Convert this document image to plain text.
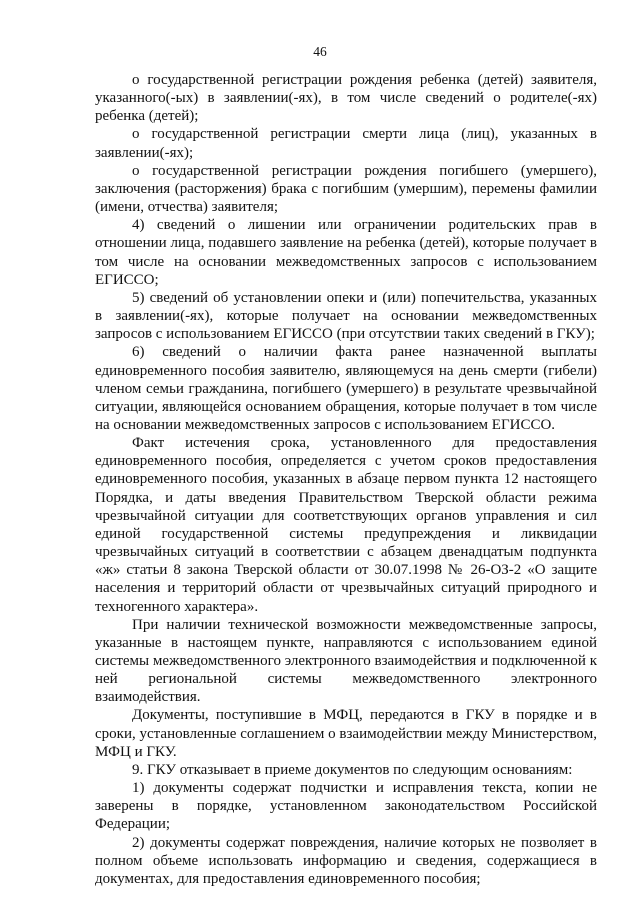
46

о государственной регистрации рождения ребенка (детей) заявителя, указанного(-ых) в заявлении(-ях), в том числе сведений о родителе(-ях) ребенка (детей);

о государственной регистрации смерти лица (лиц), указанных в заявлении(-ях);

о государственной регистрации рождения погибшего (умершего), заключения (расторжения) брака с погибшим (умершим), перемены фамилии (имени, отчества) заявителя;

4) сведений о лишении или ограничении родительских прав в отношении лица, подавшего заявление на ребенка (детей), которые получает в том числе на основании межведомственных запросов с использованием ЕГИССО;

5) сведений об установлении опеки и (или) попечительства, указанных в заявлении(-ях), которые получает на основании межведомственных запросов с использованием ЕГИССО (при отсутствии таких сведений в ГКУ);

6) сведений о наличии факта ранее назначенной выплаты единовременного пособия заявителю, являющемуся на день смерти (гибели) членом семьи гражданина, погибшего (умершего) в результате чрезвычайной ситуации, являющейся основанием обращения, которые получает в том числе на основании межведомственных запросов с использованием ЕГИССО.

Факт истечения срока, установленного для предоставления единовременного пособия, определяется с учетом сроков предоставления единовременного пособия, указанных в абзаце первом пункта 12 настоящего Порядка, и даты введения Правительством Тверской области режима чрезвычайной ситуации для соответствующих органов управления и сил единой государственной системы предупреждения и ликвидации чрезвычайных ситуаций в соответствии с абзацем двенадцатым подпункта «ж» статьи 8 закона Тверской области от 30.07.1998 № 26-ОЗ-2 «О защите населения и территорий области от чрезвычайных ситуаций природного и техногенного характера».

При наличии технической возможности межведомственные запросы, указанные в настоящем пункте, направляются с использованием единой системы межведомственного электронного взаимодействия и подключенной к ней региональной системы межведомственного электронного взаимодействия.

Документы, поступившие в МФЦ, передаются в ГКУ в порядке и в сроки, установленные соглашением о взаимодействии между Министерством, МФЦ и ГКУ.

9. ГКУ отказывает в приеме документов по следующим основаниям:

1) документы содержат подчистки и исправления текста, копии не заверены в порядке, установленном законодательством Российской Федерации;

2) документы содержат повреждения, наличие которых не позволяет в полном объеме использовать информацию и сведения, содержащиеся в документах, для предоставления единовременного пособия;
